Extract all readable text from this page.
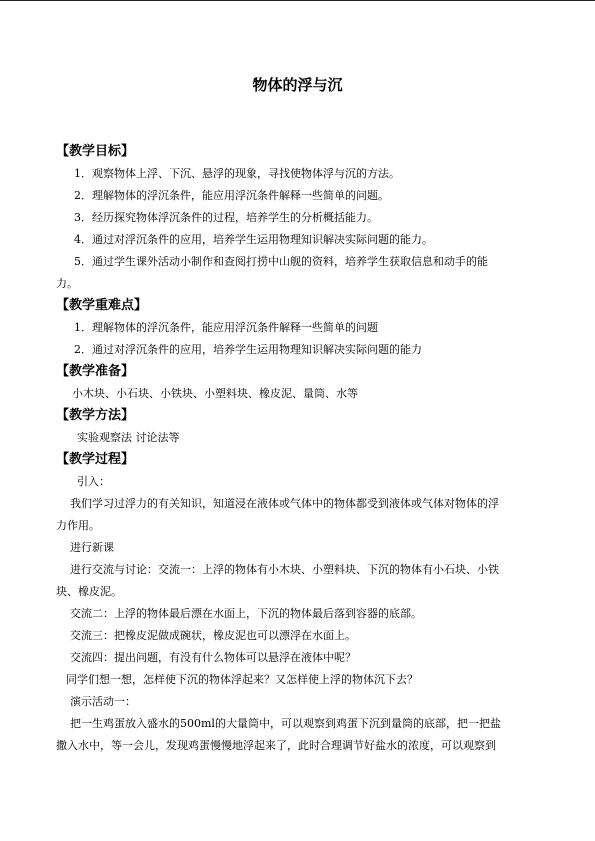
物体的浮与沉
【教学目标】
1．观察物体上浮、下沉、悬浮的现象，寻找使物体浮与沉的方法。
2．理解物体的浮沉条件，能应用浮沉条件解释一些简单的问题。
3．经历探究物体浮沉条件的过程，培养学生的分析概括能力。
4．通过对浮沉条件的应用，培养学生运用物理知识解决实际问题的能力。
5．通过学生课外活动小制作和查阅打捞中山舰的资料，培养学生获取信息和动手的能
力。
【教学重难点】
1．理解物体的浮沉条件，能应用浮沉条件解释一些简单的问题
2．通过对浮沉条件的应用，培养学生运用物理知识解决实际问题的能力
【教学准备】
小木块、小石块、小铁块、小塑料块、橡皮泥、量筒、水等
【教学方法】
实验观察法 讨论法等
【教学过程】
引入：
我们学习过浮力的有关知识，知道浸在液体或气体中的物体都受到液体或气体对物体的浮
力作用。
进行新课
进行交流与讨论：交流一：上浮的物体有小木块、小塑料块、下沉的物体有小石块、小铁
块、橡皮泥。
交流二：上浮的物体最后漂在水面上，下沉的物体最后落到容器的底部。
交流三：把橡皮泥做成碗状，橡皮泥也可以漂浮在水面上。
交流四：提出问题，有没有什么物体可以悬浮在液体中呢？
同学们想一想，怎样使下沉的物体浮起来？又怎样使上浮的物体沉下去？
演示活动一：
把一生鸡蛋放入盛水的500ml的大量筒中，可以观察到鸡蛋下沉到量筒的底部，把一把盐
撒入水中，等一会儿，发现鸡蛋慢慢地浮起来了，此时合理调节好盐水的浓度，可以观察到
